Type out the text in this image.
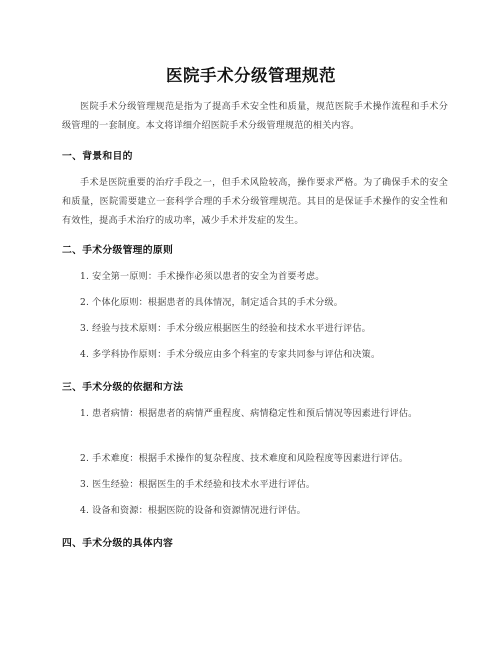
医院手术分级管理规范
医院手术分级管理规范是指为了提高手术安全性和质量，规范医院手术操作流程和手术分级管理的一套制度。本文将详细介绍医院手术分级管理规范的相关内容。
一、背景和目的
手术是医院重要的治疗手段之一，但手术风险较高，操作要求严格。为了确保手术的安全和质量，医院需要建立一套科学合理的手术分级管理规范。其目的是保证手术操作的安全性和有效性，提高手术治疗的成功率，减少手术并发症的发生。
二、手术分级管理的原则
1. 安全第一原则：手术操作必须以患者的安全为首要考虑。
2. 个体化原则：根据患者的具体情况，制定适合其的手术分级。
3. 经验与技术原则：手术分级应根据医生的经验和技术水平进行评估。
4. 多学科协作原则：手术分级应由多个科室的专家共同参与评估和决策。
三、手术分级的依据和方法
1. 患者病情：根据患者的病情严重程度、病情稳定性和预后情况等因素进行评估。
2. 手术难度：根据手术操作的复杂程度、技术难度和风险程度等因素进行评估。
3. 医生经验：根据医生的手术经验和技术水平进行评估。
4. 设备和资源：根据医院的设备和资源情况进行评估。
四、手术分级的具体内容
